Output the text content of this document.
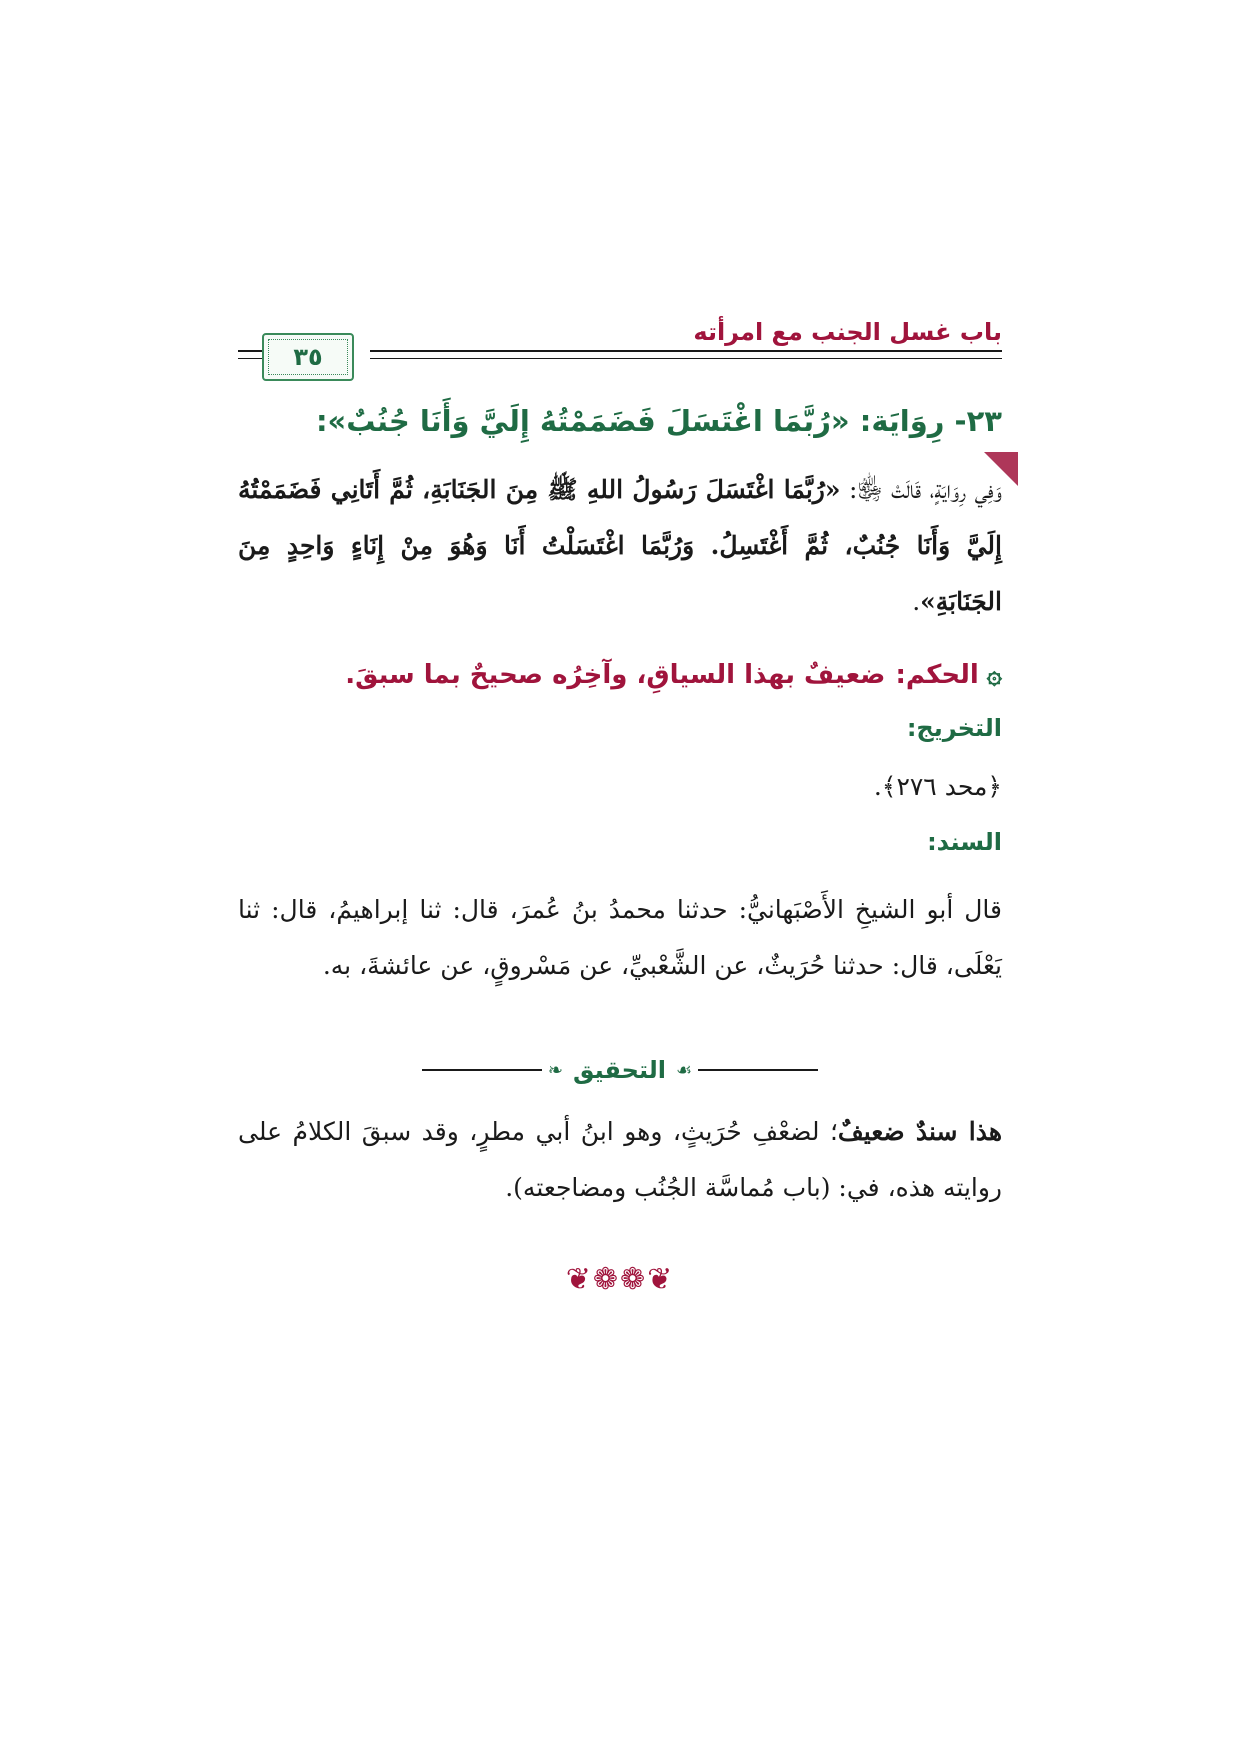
باب غسل الجنب مع امرأته
٣٥
٢٣- رِوَايَة: «رُبَّمَا اغْتَسَلَ فَضَمَمْتُهُ إِلَيَّ وَأَنَا جُنُبٌ»:
وَفِي رِوَايَةٍ، قَالَتْ ﵂: «رُبَّمَا اغْتَسَلَ رَسُولُ اللهِ ﷺ مِنَ الجَنَابَةِ، ثُمَّ أَتَانِي فَضَمَمْتُهُ إِلَيَّ وَأَنَا جُنُبٌ، ثُمَّ أَغْتَسِلُ. وَرُبَّمَا اغْتَسَلْتُ أَنَا وَهُوَ مِنْ إِنَاءٍ وَاحِدٍ مِنَ الجَنَابَةِ».
۞الحكم:ضعيفٌ بهذا السياقِ، وآخِرُه صحيحٌ بما سبقَ.
التخريج:
﴿محد ٢٧٦﴾.
السند:
قال أبو الشيخِ الأَصْبَهانيُّ: حدثنا محمدُ بنُ عُمرَ، قال: ثنا إبراهيمُ، قال: ثنا يَعْلَى، قال: حدثنا حُرَيثٌ، عن الشَّعْبيِّ، عن مَسْروقٍ، عن عائشةَ، به.
☙
التحقيق
❧
هذا سندٌ ضعيفٌ؛ لضعْفِ حُرَيثٍ، وهو ابنُ أبي مطرٍ، وقد سبقَ الكلامُ على روايته هذه، في: (باب مُماسَّة الجُنُب ومضاجعته).
❦❁❁❦
